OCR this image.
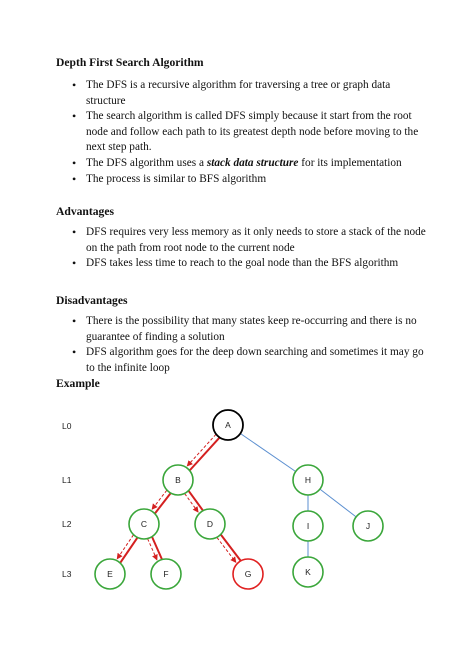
Depth First Search Algorithm
• The DFS is a recursive algorithm for traversing a tree or graph data structure
• The search algorithm is called DFS simply because it start from the root node and follow each path to its greatest depth node before moving to the next step path.
• The DFS algorithm uses a stack data structure for its implementation
• The process is similar to BFS algorithm
Advantages
• DFS requires very less memory as it only needs to store a stack of the node on the path from root node to the current node
• DFS takes less time to reach to the goal node than the BFS algorithm
Disadvantages
• There is the possibility that many states keep re-occurring and there is no guarantee of finding a solution
• DFS algorithm goes for the deep down searching and sometimes it may go to the infinite loop
Example
L0
L1
L2
L3
A
B	H
C	D	I	J
E	F	G	K
